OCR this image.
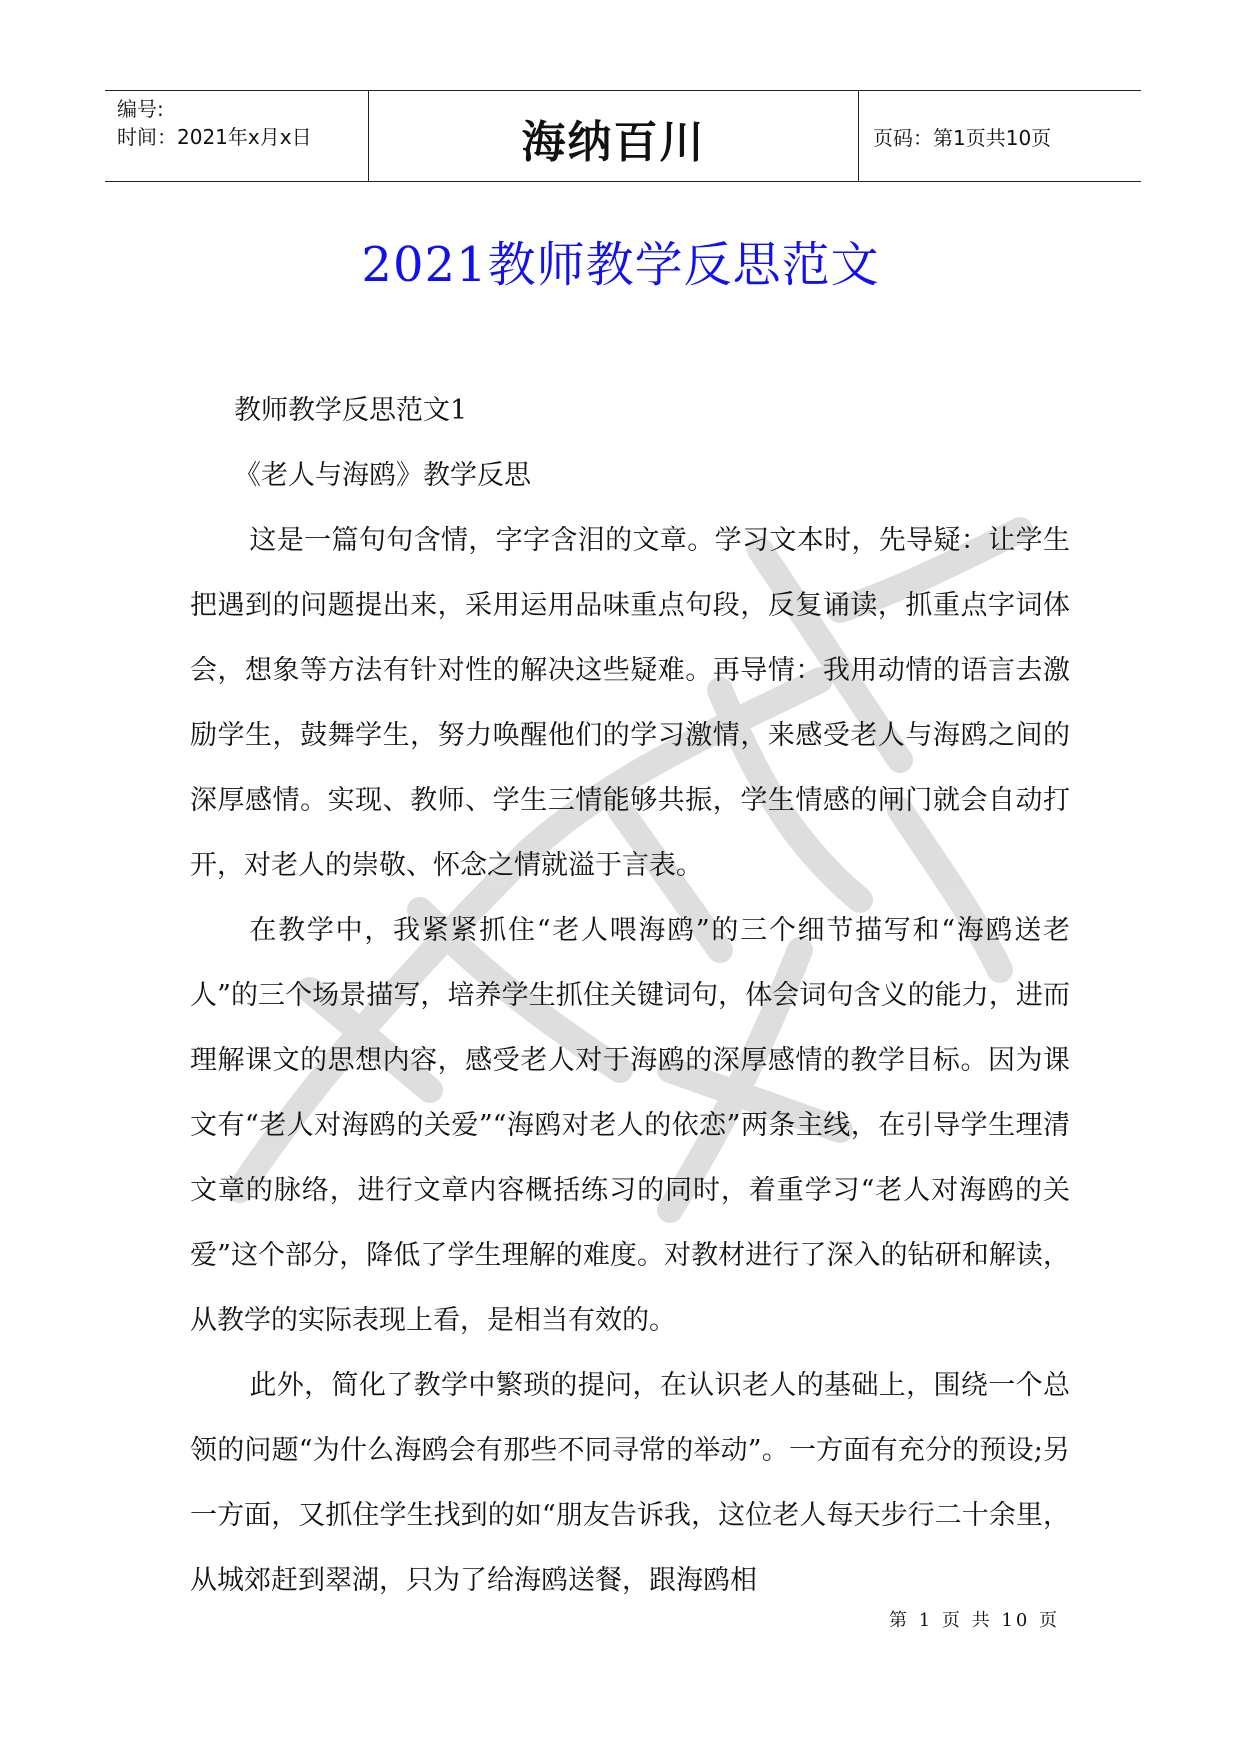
编号:
时间：2021年x月x日	海纳百川	页码：第1页共10页
2021教师教学反思范文

教师教学反思范文1

《老人与海鸥》教学反思

这是一篇句句含情，字字含泪的文章。学习文本时，先导疑：让学生把遇到的问题提出来，采用运用品味重点句段，反复诵读，抓重点字词体会，想象等方法有针对性的解决这些疑难。再导情：我用动情的语言去激励学生，鼓舞学生，努力唤醒他们的学习激情，来感受老人与海鸥之间的深厚感情。实现、教师、学生三情能够共振，学生情感的闸门就会自动打开，对老人的崇敬、怀念之情就溢于言表。

在教学中，我紧紧抓住“老人喂海鸥”的三个细节描写和“海鸥送老人”的三个场景描写，培养学生抓住关键词句，体会词句含义的能力，进而理解课文的思想内容，感受老人对于海鸥的深厚感情的教学目标。因为课文有“老人对海鸥的关爱”“海鸥对老人的依恋”两条主线，在引导学生理清文章的脉络，进行文章内容概括练习的同时，着重学习“老人对海鸥的关爱”这个部分，降低了学生理解的难度。对教材进行了深入的钻研和解读，从教学的实际表现上看，是相当有效的。

此外，简化了教学中繁琐的提问，在认识老人的基础上，围绕一个总领的问题“为什么海鸥会有那些不同寻常的举动”。一方面有充分的预设;另一方面，又抓住学生找到的如“朋友告诉我，这位老人每天步行二十余里，从城郊赶到翠湖，只为了给海鸥送餐，跟海鸥相

第 1 页 共 10 页
